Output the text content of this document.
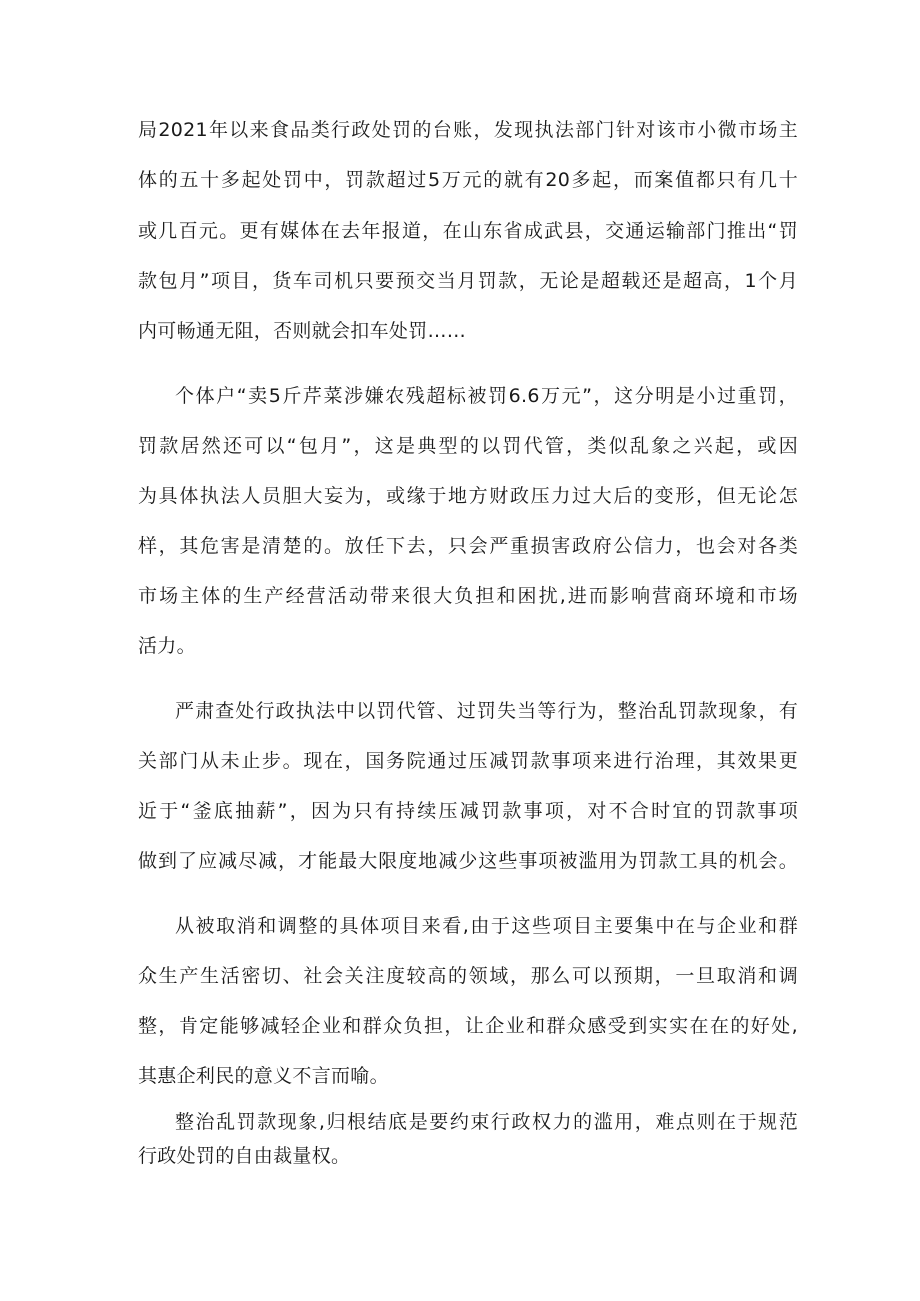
局2021年以来食品类行政处罚的台账，发现执法部门针对该市小微市场主
体的五十多起处罚中，罚款超过5万元的就有20多起，而案值都只有几十
或几百元。更有媒体在去年报道，在山东省成武县，交通运输部门推出“罚
款包月”项目，货车司机只要预交当月罚款，无论是超载还是超高，1个月
内可畅通无阻，否则就会扣车处罚……
个体户“卖5斤芹菜涉嫌农残超标被罚6.6万元”，这分明是小过重罚，
罚款居然还可以“包月”，这是典型的以罚代管，类似乱象之兴起，或因
为具体执法人员胆大妄为，或缘于地方财政压力过大后的变形，但无论怎
样，其危害是清楚的。放任下去，只会严重损害政府公信力，也会对各类
市场主体的生产经营活动带来很大负担和困扰,进而影响营商环境和市场
活力。
严肃查处行政执法中以罚代管、过罚失当等行为，整治乱罚款现象，有
关部门从未止步。现在，国务院通过压减罚款事项来进行治理，其效果更
近于“釜底抽薪”，因为只有持续压减罚款事项，对不合时宜的罚款事项
做到了应减尽减，才能最大限度地减少这些事项被滥用为罚款工具的机会。
从被取消和调整的具体项目来看,由于这些项目主要集中在与企业和群
众生产生活密切、社会关注度较高的领域，那么可以预期，一旦取消和调
整，肯定能够减轻企业和群众负担，让企业和群众感受到实实在在的好处,
其惠企利民的意义不言而喻。
整治乱罚款现象,归根结底是要约束行政权力的滥用，难点则在于规范
行政处罚的自由裁量权。
